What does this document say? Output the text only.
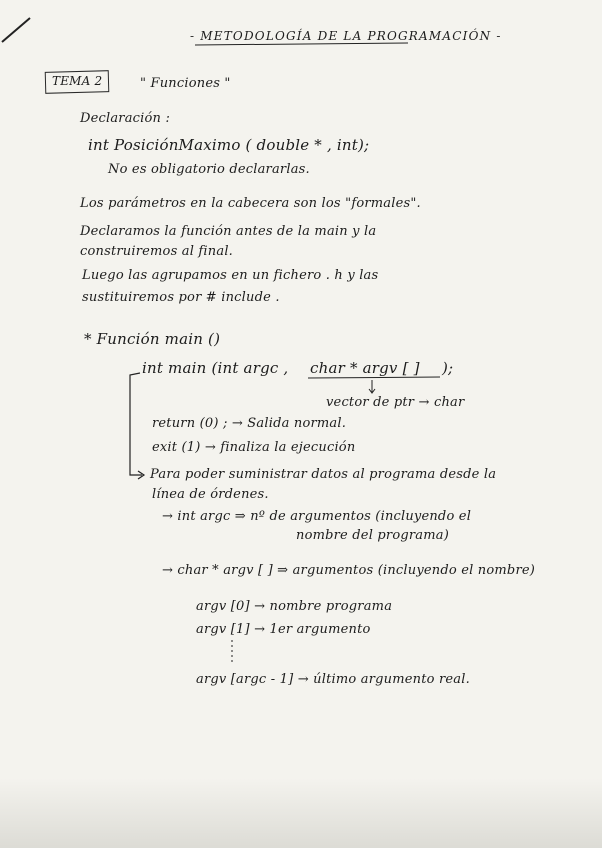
- METODOLOGÍA DE LA PROGRAMACIÓN -
TEMA 2	" Funciones "
Declaración :
int PosiciónMaximo ( double * , int);
No es obligatorio declararlas.
Los parámetros en la cabecera son los "formales".
Declaramos la función antes de la main y la
construiremos al final.
Luego las agrupamos en un fichero . h y las
sustituiremos por # include .
* Función main ()
int main (int argc , char * argv [ ] );
vector de ptr → char
return (0) ; → Salida normal.
exit (1) → finaliza la ejecución
Para poder suministrar datos al programa desde la
línea de órdenes.
→ int argc ⇒ nº de argumentos (incluyendo el
nombre del programa)
→ char * argv [ ] ⇒ argumentos (incluyendo el nombre)
argv [0] → nombre programa
argv [1] → 1er argumento
argv [argc - 1] → último argumento real.
